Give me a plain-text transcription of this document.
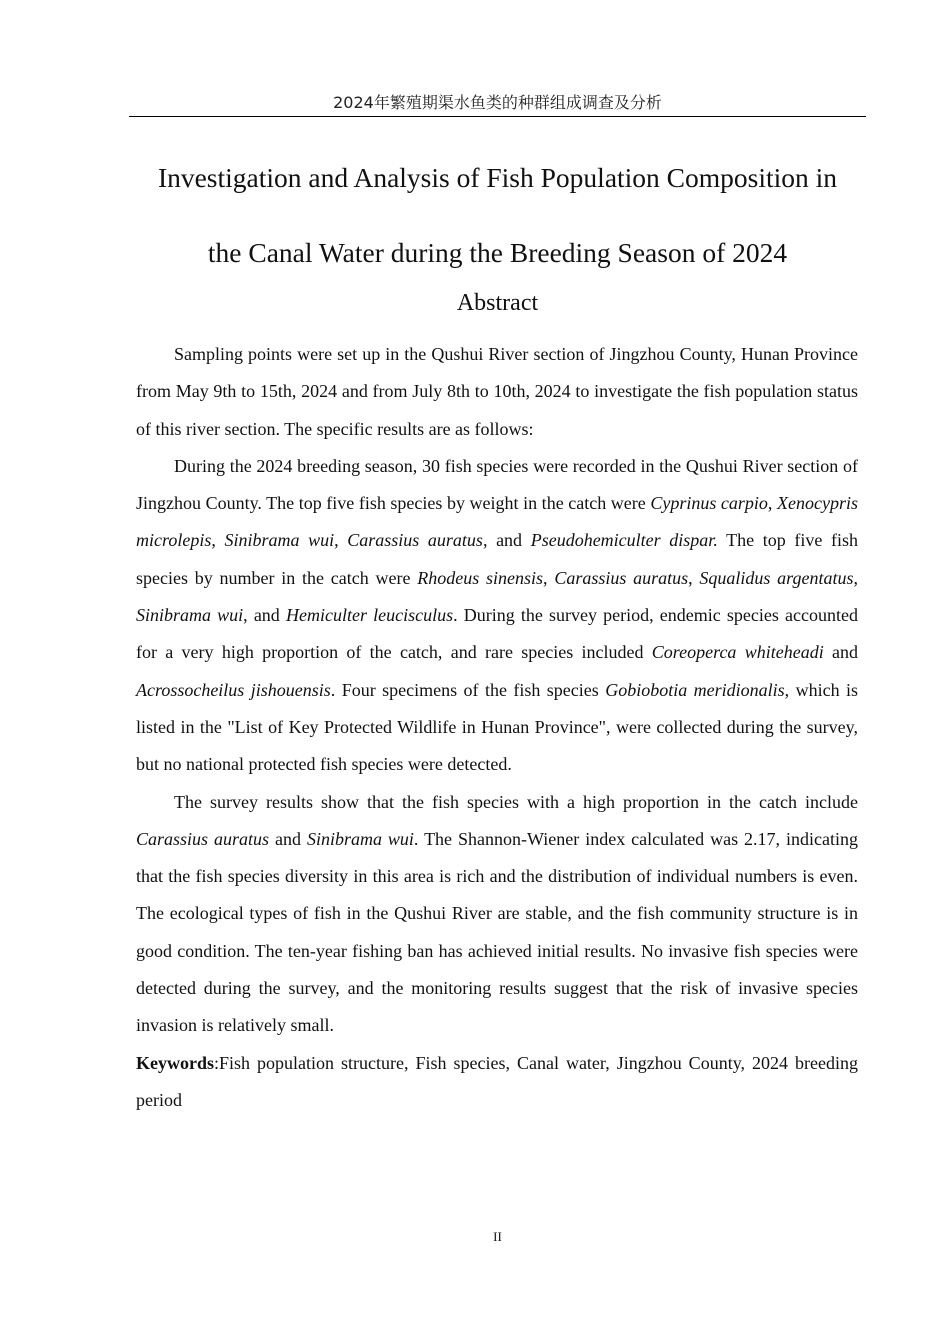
2024年繁殖期渠水鱼类的种群组成调查及分析
Investigation and Analysis of Fish Population Composition in
the Canal Water during the Breeding Season of 2024
Abstract

Sampling points were set up in the Qushui River section of Jingzhou County, Hunan Province from May 9th to 15th, 2024 and from July 8th to 10th, 2024 to investigate the fish population status of this river section. The specific results are as follows:

During the 2024 breeding season, 30 fish species were recorded in the Qushui River section of Jingzhou County. The top five fish species by weight in the catch were Cyprinus carpio, Xenocypris microlepis, Sinibrama wui, Carassius auratus, and Pseudohemiculter dispar. The top five fish species by number in the catch were Rhodeus sinensis, Carassius auratus, Squalidus argentatus, Sinibrama wui, and Hemiculter leucisculus. During the survey period, endemic species accounted for a very high proportion of the catch, and rare species included Coreoperca whiteheadi and Acrossocheilus jishouensis. Four specimens of the fish species Gobiobotia meridionalis, which is listed in the "List of Key Protected Wildlife in Hunan Province", were collected during the survey, but no national protected fish species were detected.

The survey results show that the fish species with a high proportion in the catch include Carassius auratus and Sinibrama wui. The Shannon-Wiener index calculated was 2.17, indicating that the fish species diversity in this area is rich and the distribution of individual numbers is even. The ecological types of fish in the Qushui River are stable, and the fish community structure is in good condition. The ten-year fishing ban has achieved initial results. No invasive fish species were detected during the survey, and the monitoring results suggest that the risk of invasive species invasion is relatively small.

Keywords:Fish population structure, Fish species, Canal water, Jingzhou County, 2024 breeding period

II
